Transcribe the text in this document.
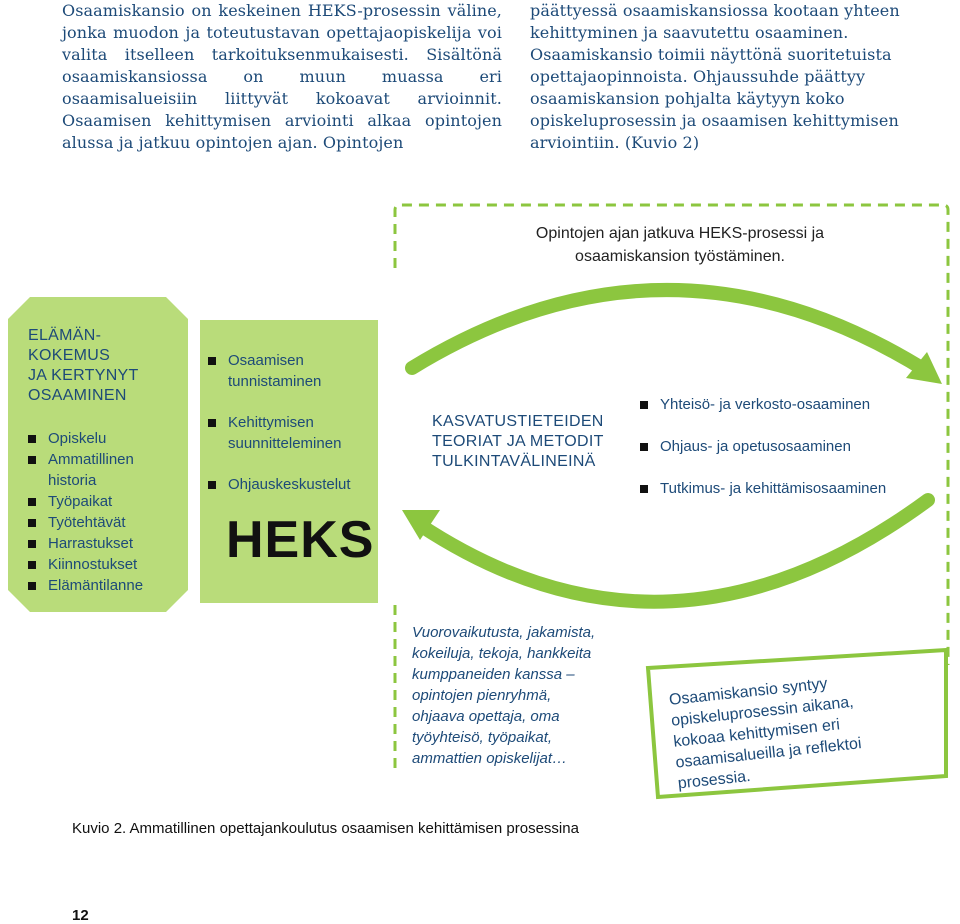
Osaamiskansio on keskeinen HEKS-prosessin väline, jonka muodon ja toteutustavan opettajaopiskelija voi valita itselleen tarkoituksenmukaisesti. Sisältönä osaamiskansiossa on muun muassa eri osaamisalueisiin liittyvät kokoavat arvioinnit. Osaamisen kehittymisen arviointi alkaa opintojen alussa ja jatkuu opintojen ajan. Opintojen

päättyessä osaamiskansiossa kootaan yhteen kehittyminen ja saavutettu osaaminen. Osaamiskansio toimii näyttönä suoritetuista opettajaopinnoista. Ohjaussuhde päättyy osaamiskansion pohjalta käytyyn koko opiskeluprosessin ja osaamisen kehittymisen arviointiin. (Kuvio 2)

Opintojen ajan jatkuva HEKS-prosessi ja osaamiskansion työstäminen.
ELÄMÄN-
KOKEMUS
JA KERTYNYT
OSAAMINEN
Opiskelu
Ammatillinen historia
Työpaikat
Työtehtävät
Harrastukset
Kiinnostukset
Elämäntilanne
Osaamisen tunnistaminen
Kehittymisen suunnitteleminen
Ohjauskeskustelut
HEKS
KASVATUSTIETEIDEN
TEORIAT JA METODIT
TULKINTAVÄLINEINÄ
Yhteisö- ja verkosto-osaaminen
Ohjaus- ja opetusosaaminen
Tutkimus- ja kehittämisosaaminen
Vuorovaikutusta, jakamista,
kokeiluja, tekoja, hankkeita
kumppaneiden kanssa –
opintojen pienryhmä,
ohjaava opettaja, oma
työyhteisö, työpaikat,
ammattien opiskelijat…
Osaamiskansio syntyy
opiskeluprosessin aikana,
kokoaa kehittymisen eri
osaamisalueilla ja reflektoi
prosessia.
Kuvio 2. Ammatillinen opettajankoulutus osaamisen kehittämisen prosessina
12
